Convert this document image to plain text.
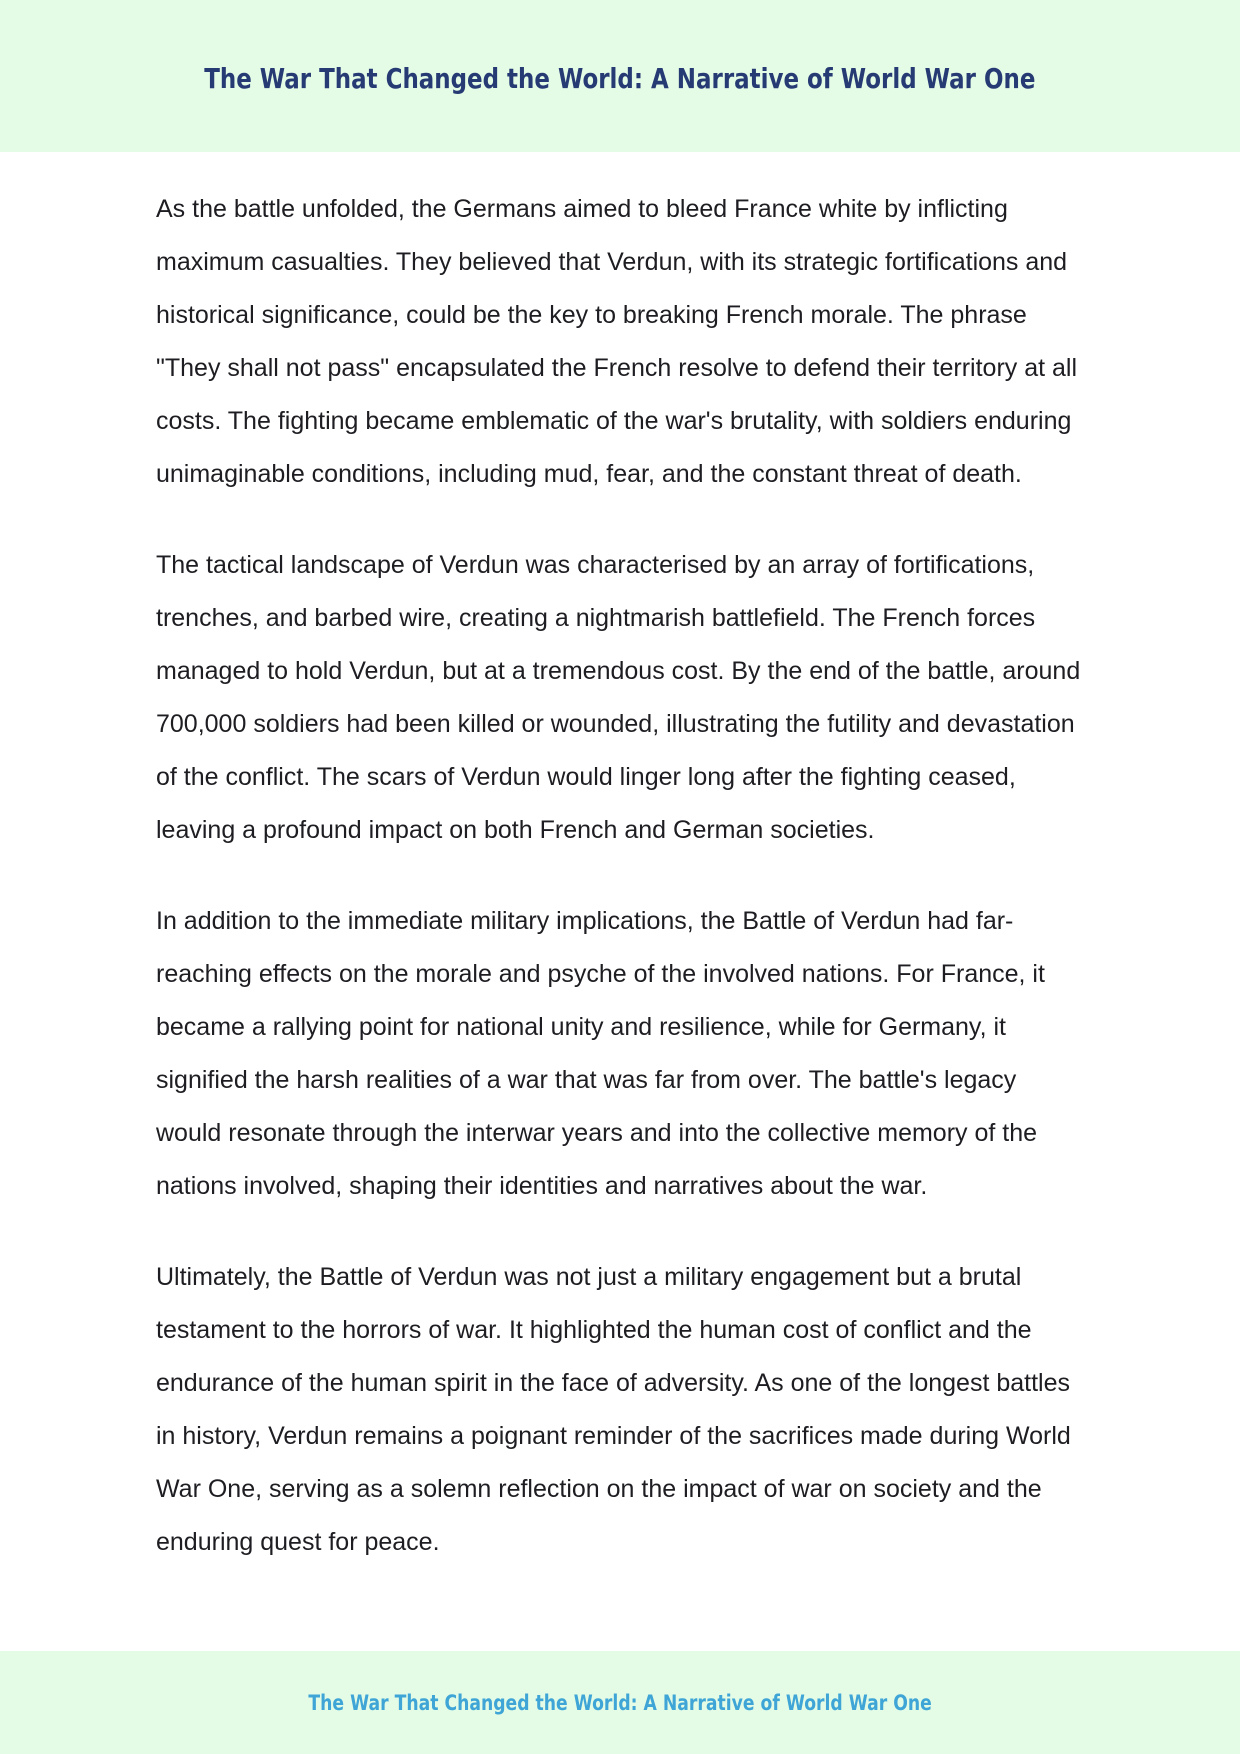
The War That Changed the World: A Narrative of World War One

As the battle unfolded, the Germans aimed to bleed France white by inflicting maximum casualties. They believed that Verdun, with its strategic fortifications and historical significance, could be the key to breaking French morale. The phrase "They shall not pass" encapsulated the French resolve to defend their territory at all costs. The fighting became emblematic of the war's brutality, with soldiers enduring unimaginable conditions, including mud, fear, and the constant threat of death.

The tactical landscape of Verdun was characterised by an array of fortifications, trenches, and barbed wire, creating a nightmarish battlefield. The French forces managed to hold Verdun, but at a tremendous cost. By the end of the battle, around 700,000 soldiers had been killed or wounded, illustrating the futility and devastation of the conflict. The scars of Verdun would linger long after the fighting ceased, leaving a profound impact on both French and German societies.

In addition to the immediate military implications, the Battle of Verdun had far-reaching effects on the morale and psyche of the involved nations. For France, it became a rallying point for national unity and resilience, while for Germany, it signified the harsh realities of a war that was far from over. The battle's legacy would resonate through the interwar years and into the collective memory of the nations involved, shaping their identities and narratives about the war.

Ultimately, the Battle of Verdun was not just a military engagement but a brutal testament to the horrors of war. It highlighted the human cost of conflict and the endurance of the human spirit in the face of adversity. As one of the longest battles in history, Verdun remains a poignant reminder of the sacrifices made during World War One, serving as a solemn reflection on the impact of war on society and the enduring quest for peace.

The War That Changed the World: A Narrative of World War One
